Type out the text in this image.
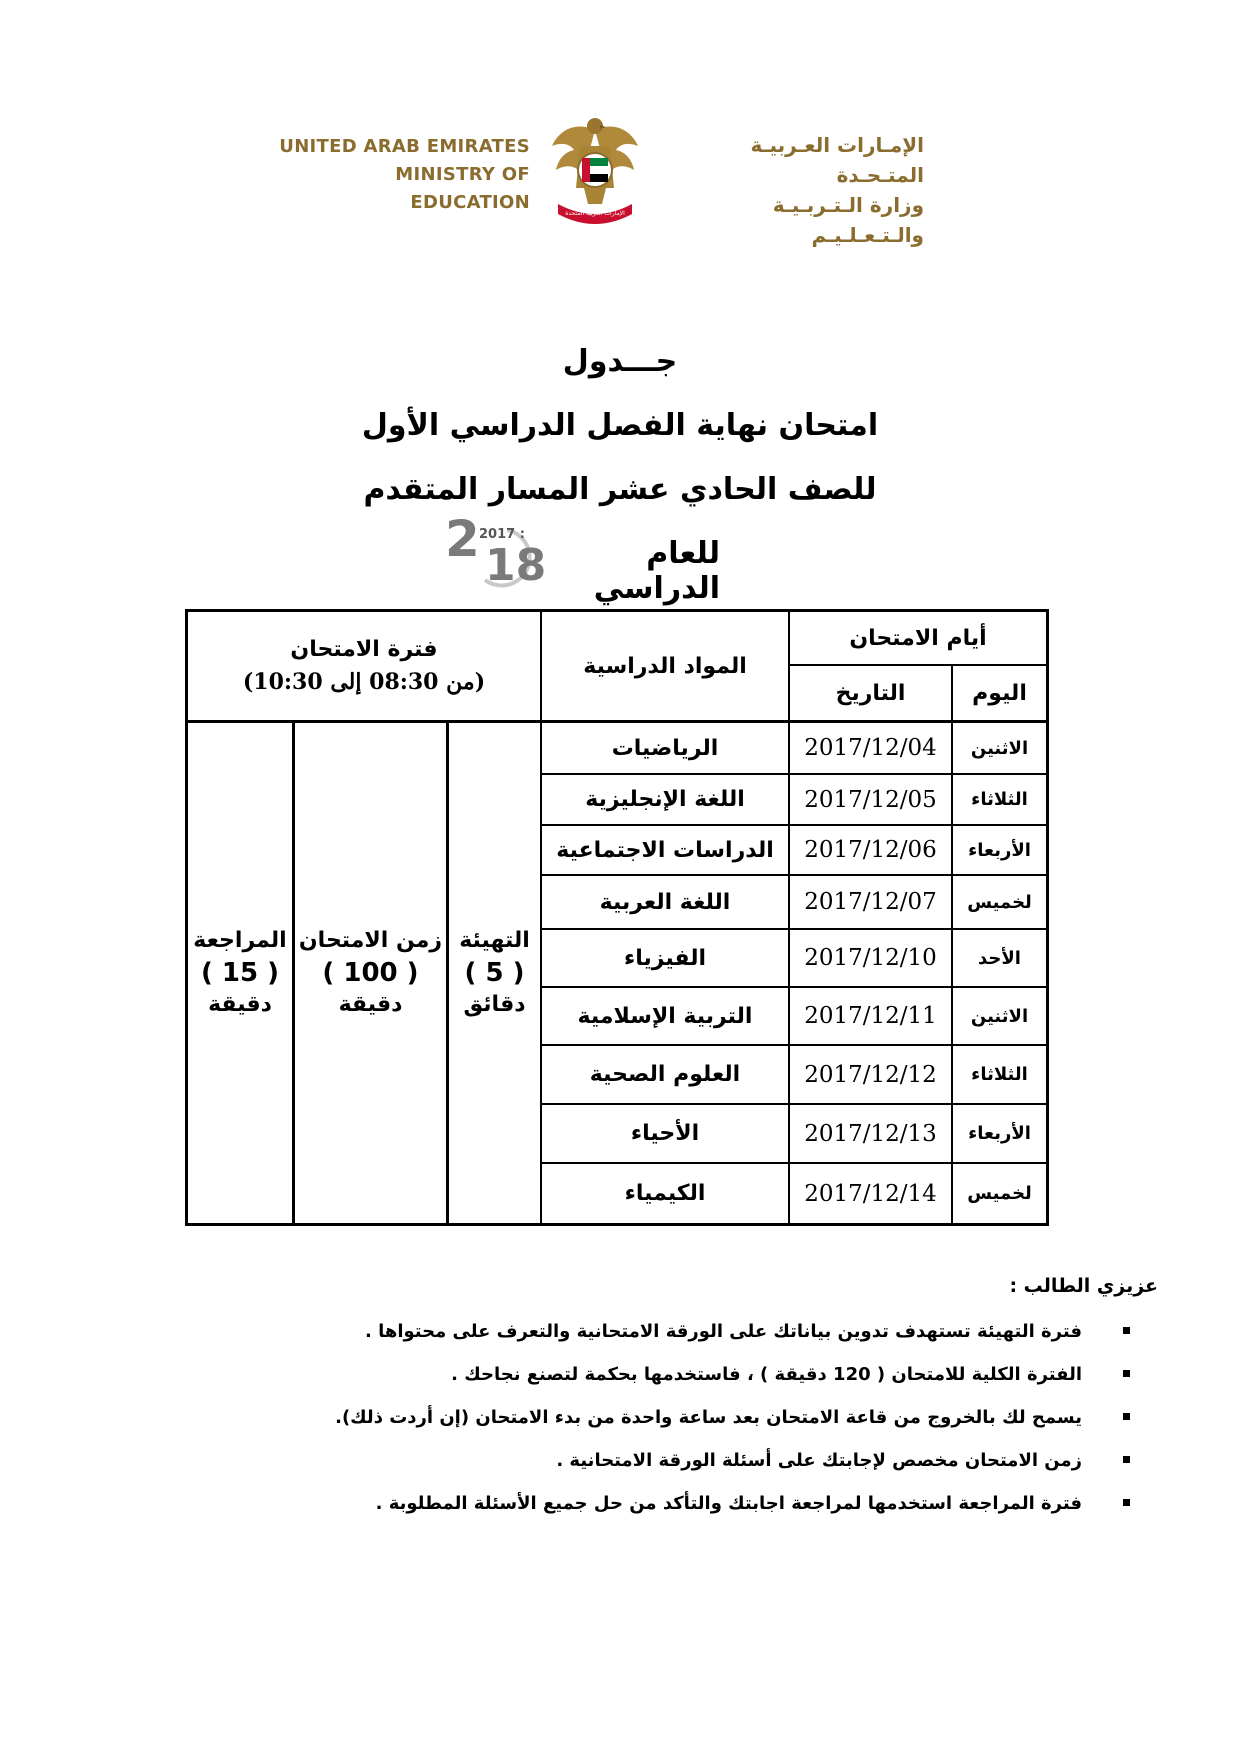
UNITED ARAB EMIRATES
MINISTRY OF EDUCATION
الإمارات العربية المتحدة
الإمـارات العـربيـة المتـحـدة
وزارة الـتـربـيـة والـتـعـلـيـم
جـــدول
امتحان نهاية الفصل الدراسي الأول
للصف الحادي عشر المسار المتقدم
للعام الدراسي
2 2017 :
18
أيام الامتحان
اليوم
التاريخ
المواد الدراسية
فترة الامتحان
(من 08:30 إلى 10:30)
الاثنين
2017/12/04
الرياضيات
الثلاثاء
2017/12/05
اللغة الإنجليزية
الأربعاء
2017/12/06
الدراسات الاجتماعية
لخميس
2017/12/07
اللغة العربية
الأحد
2017/12/10
الفيزياء
الاثنين
2017/12/11
التربية الإسلامية
الثلاثاء
2017/12/12
العلوم الصحية
الأربعاء
2017/12/13
الأحياء
لخميس
2017/12/14
الكيمياء
التهيئة
( 5 )
دقائق
زمن الامتحان
( 100 )
دقيقة
المراجعة
( 15 )
دقيقة
عزيزي الطالب :
فترة التهيئة تستهدف تدوين بياناتك على الورقة الامتحانية والتعرف على محتواها .
الفترة الكلية للامتحان ( 120 دقيقة ) ، فاستخدمها بحكمة لتصنع نجاحك .
يسمح لك بالخروج من قاعة الامتحان بعد ساعة واحدة من بدء الامتحان (إن أردت ذلك).
زمن الامتحان مخصص لإجابتك على أسئلة الورقة الامتحانية .
فترة المراجعة استخدمها لمراجعة اجابتك والتأكد من حل جميع الأسئلة المطلوبة .
